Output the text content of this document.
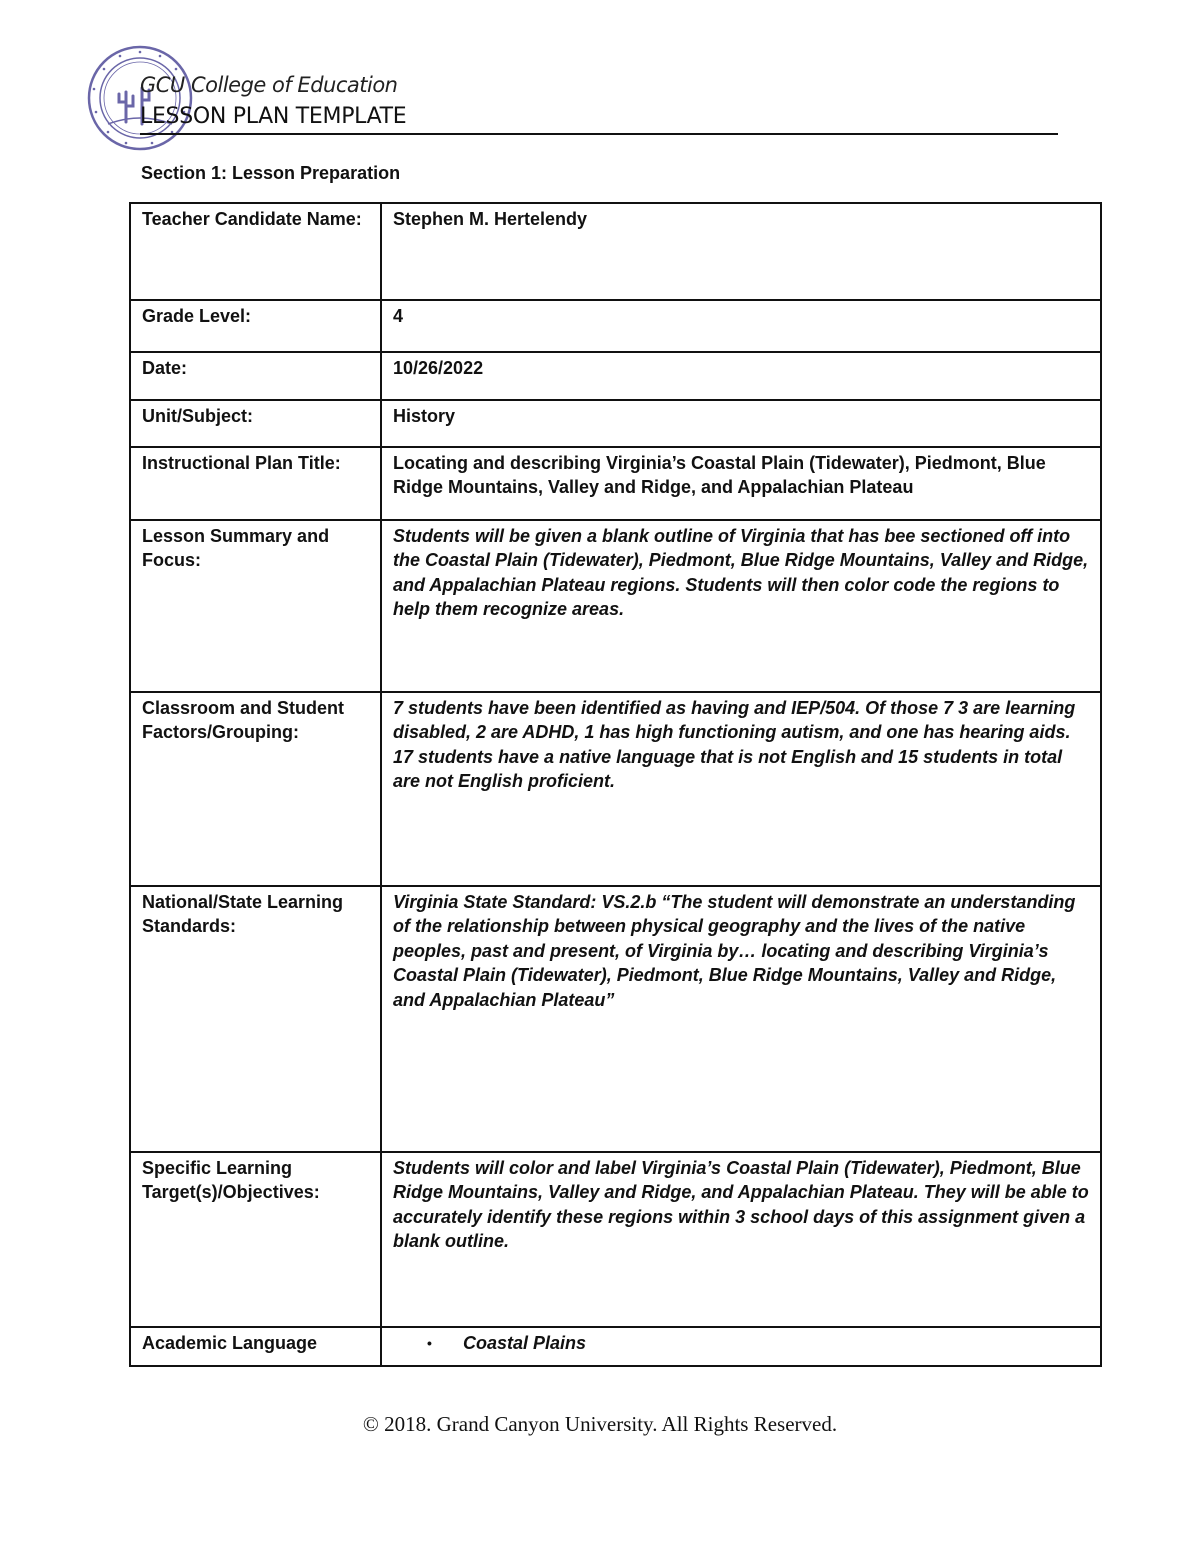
GCU College of Education
LESSON PLAN TEMPLATE
Section 1: Lesson Preparation
Teacher Candidate Name:	Stephen M. Hertelendy
Grade Level:	4
Date:	10/26/2022
Unit/Subject:	History
Instructional Plan Title:	Locating and describing Virginia’s Coastal Plain (Tidewater), Piedmont, Blue Ridge Mountains, Valley and Ridge, and Appalachian Plateau
Lesson Summary and Focus:	Students will be given a blank outline of Virginia that has bee sectioned off into the Coastal Plain (Tidewater), Piedmont, Blue Ridge Mountains, Valley and Ridge, and Appalachian Plateau regions. Students will then color code the regions to help them recognize areas.
Classroom and Student Factors/Grouping:	7 students have been identified as having and IEP/504. Of those 7 3 are learning disabled, 2 are ADHD, 1 has high functioning autism, and one has hearing aids. 17 students have a native language that is not English and 15 students in total are not English proficient.
National/State Learning Standards:	Virginia State Standard: VS.2.b “The student will demonstrate an understanding of the relationship between physical geography and the lives of the native peoples, past and present, of Virginia by… locating and describing Virginia’s Coastal Plain (Tidewater), Piedmont, Blue Ridge Mountains, Valley and Ridge, and Appalachian Plateau”
Specific Learning Target(s)/Objectives:	Students will color and label Virginia’s Coastal Plain (Tidewater), Piedmont, Blue Ridge Mountains, Valley and Ridge, and Appalachian Plateau. They will be able to accurately identify these regions within 3 school days of this assignment given a blank outline.
Academic Language	• Coastal Plains
© 2018. Grand Canyon University. All Rights Reserved.
